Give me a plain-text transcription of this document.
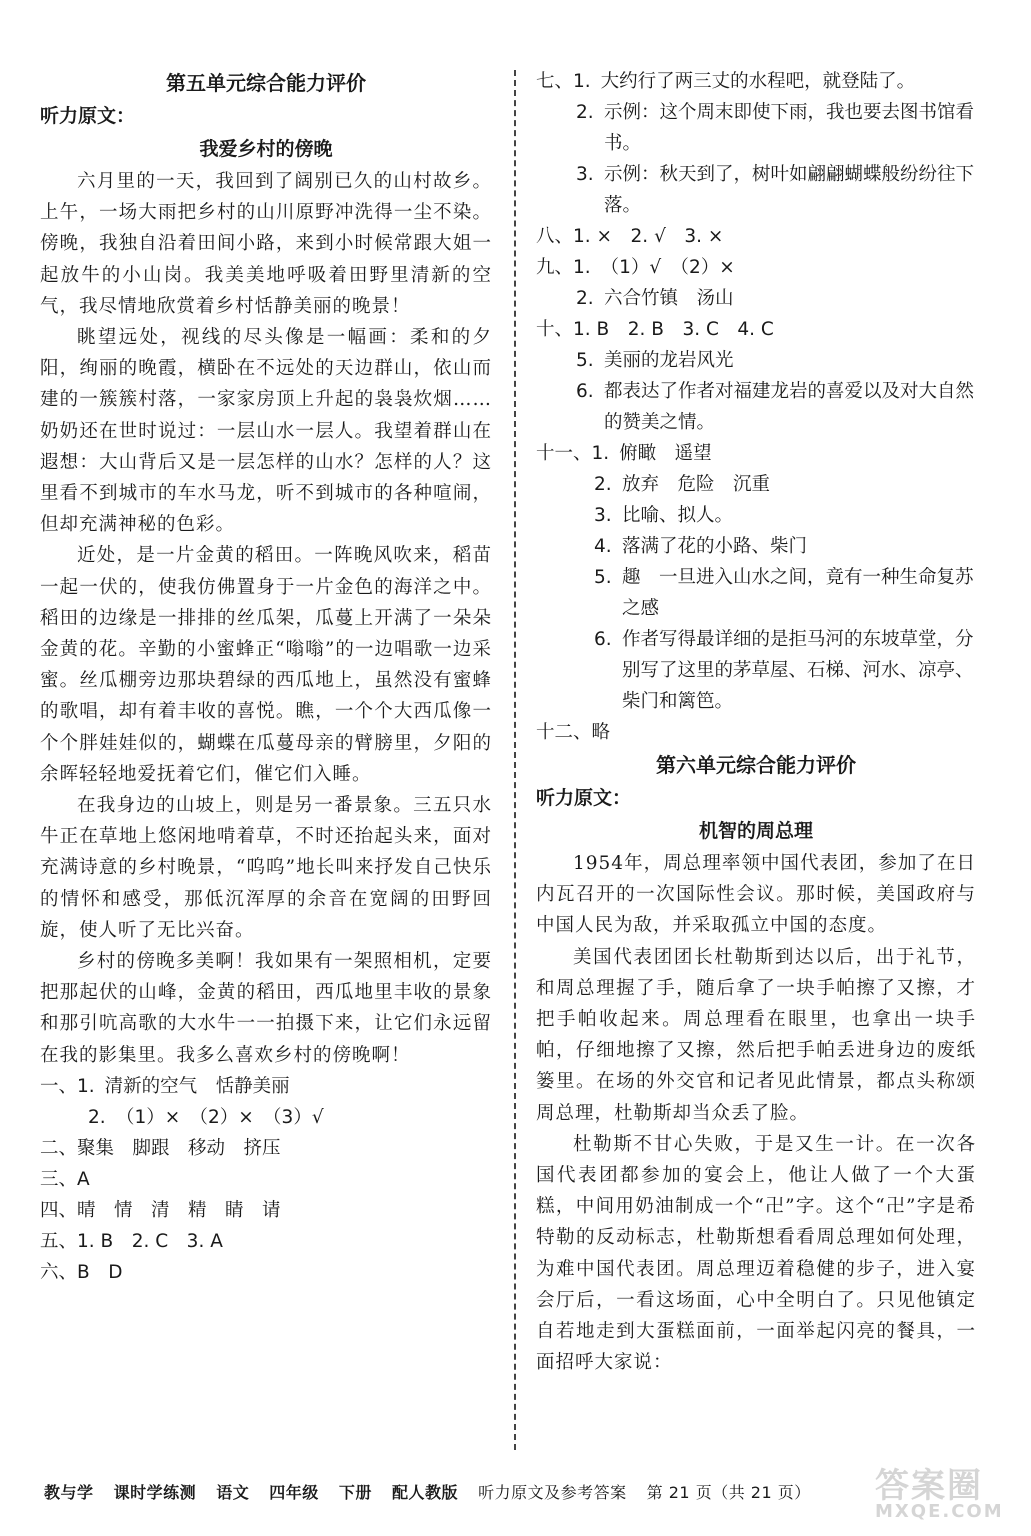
第五单元综合能力评价

听力原文：

我爱乡村的傍晚

六月里的一天，我回到了阔别已久的山村故乡。上午，一场大雨把乡村的山川原野冲洗得一尘不染。傍晚，我独自沿着田间小路，来到小时候常跟大姐一起放牛的小山岗。我美美地呼吸着田野里清新的空气，我尽情地欣赏着乡村恬静美丽的晚景！

眺望远处，视线的尽头像是一幅画：柔和的夕阳，绚丽的晚霞，横卧在不远处的天边群山，依山而建的一簇簇村落，一家家房顶上升起的袅袅炊烟……奶奶还在世时说过：一层山水一层人。我望着群山在遐想：大山背后又是一层怎样的山水？怎样的人？这里看不到城市的车水马龙，听不到城市的各种喧闹，但却充满神秘的色彩。

近处，是一片金黄的稻田。一阵晚风吹来，稻苗一起一伏的，使我仿佛置身于一片金色的海洋之中。稻田的边缘是一排排的丝瓜架，瓜蔓上开满了一朵朵金黄的花。辛勤的小蜜蜂正“嗡嗡”的一边唱歌一边采蜜。丝瓜棚旁边那块碧绿的西瓜地上，虽然没有蜜蜂的歌唱，却有着丰收的喜悦。瞧，一个个大西瓜像一个个胖娃娃似的，蝴蝶在瓜蔓母亲的臂膀里，夕阳的余晖轻轻地爱抚着它们，催它们入睡。

在我身边的山坡上，则是另一番景象。三五只水牛正在草地上悠闲地啃着草，不时还抬起头来，面对充满诗意的乡村晚景，“呜呜”地长叫来抒发自己快乐的情怀和感受，那低沉浑厚的余音在宽阔的田野回旋，使人听了无比兴奋。

乡村的傍晚多美啊！我如果有一架照相机，定要把那起伏的山峰，金黄的稻田，西瓜地里丰收的景象和那引吭高歌的大水牛一一拍摄下来，让它们永远留在我的影集里。我多么喜欢乡村的傍晚啊！

一、1. 清新的空气　恬静美丽
2. （1）×　（2）×　（3）√
二、聚集　脚跟　移动　挤压
三、A
四、晴　情　清　精　睛　请
五、1. B　2. C　3. A
六、B　D
七、1. 大约行了两三丈的水程吧，就登陆了。
2. 示例：这个周末即使下雨，我也要去图书馆看书。
3. 示例：秋天到了，树叶如翩翩蝴蝶般纷纷往下落。
八、1. ×　2. √　3. ×
九、1. （1）√　（2）×
2. 六合竹镇　汤山
十、1. B　2. B　3. C　4. C
5. 美丽的龙岩风光
6. 都表达了作者对福建龙岩的喜爱以及对大自然的赞美之情。
十一、1. 俯瞰　遥望
2. 放弃　危险　沉重
3. 比喻、拟人。
4. 落满了花的小路、柴门
5. 趣　一旦进入山水之间，竟有一种生命复苏之感
6. 作者写得最详细的是拒马河的东坡草堂，分别写了这里的茅草屋、石梯、河水、凉亭、柴门和篱笆。
十二、略

第六单元综合能力评价

听力原文：

机智的周总理

1954年，周总理率领中国代表团，参加了在日内瓦召开的一次国际性会议。那时候，美国政府与中国人民为敌，并采取孤立中国的态度。

美国代表团团长杜勒斯到达以后，出于礼节，和周总理握了手，随后拿了一块手帕擦了又擦，才把手帕收起来。周总理看在眼里，也拿出一块手帕，仔细地擦了又擦，然后把手帕丢进身边的废纸篓里。在场的外交官和记者见此情景，都点头称颂周总理，杜勒斯却当众丢了脸。

杜勒斯不甘心失败，于是又生一计。在一次各国代表团都参加的宴会上，他让人做了一个大蛋糕，中间用奶油制成一个“卍”字。这个“卍”字是希特勒的反动标志，杜勒斯想看看周总理如何处理，为难中国代表团。周总理迈着稳健的步子，进入宴会厅后，一看这场面，心中全明白了。只见他镇定自若地走到大蛋糕面前，一面举起闪亮的餐具，一面招呼大家说：

教与学 课时学练测 语文 四年级 下册 配人教版 听力原文及参考答案 第 21 页（共 21 页）	答案圈
MXQE.COM
